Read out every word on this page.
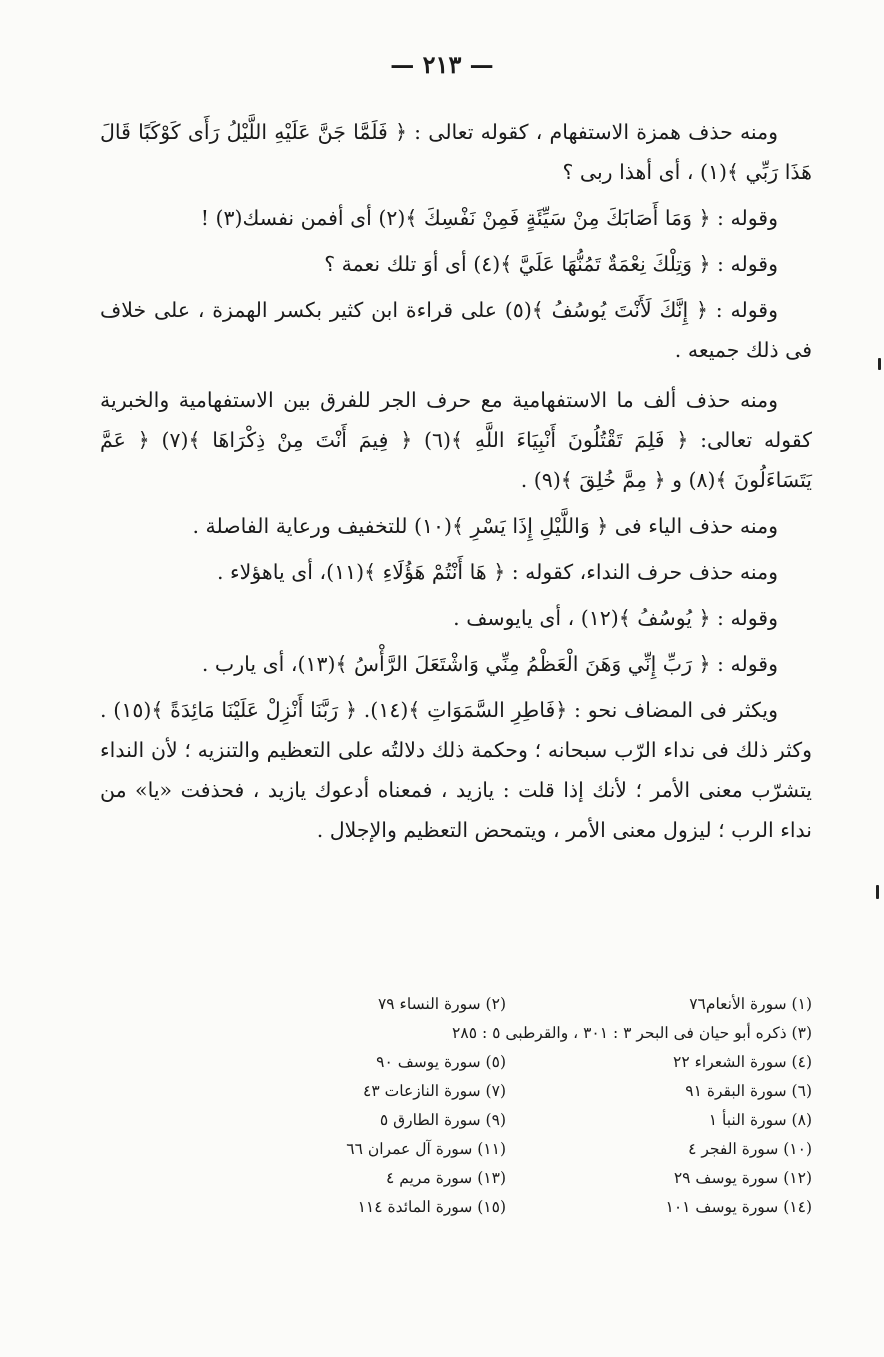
— ٢١٣ —

ومنه حذف همزة الاستفهام ، كقوله تعالى : ﴿ فَلَمَّا جَنَّ عَلَيْهِ اللَّيْلُ رَأَى كَوْكَبًا قَالَ هَذَا رَبِّي ﴾(١) ، أى أهذا ربى ؟

وقوله : ﴿ وَمَا أَصَابَكَ مِنْ سَيِّئَةٍ فَمِنْ نَفْسِكَ ﴾(٢) أى أفمن نفسك(٣) !

وقوله : ﴿ وَتِلْكَ نِعْمَةٌ تَمُنُّهَا عَلَيَّ ﴾(٤) أى أوَ تلك نعمة ؟

وقوله : ﴿ إِنَّكَ لَأَنْتَ يُوسُفُ ﴾(٥) على قراءة ابن كثير بكسر الهمزة ، على خلاف فى ذلك جميعه .

ومنه حذف ألف ما الاستفهامية مع حرف الجر للفرق بين الاستفهامية والخبرية كقوله تعالى: ﴿ فَلِمَ تَقْتُلُونَ أَنْبِيَاءَ اللَّهِ ﴾(٦) ﴿ فِيمَ أَنْتَ مِنْ ذِكْرَاهَا ﴾(٧) ﴿ عَمَّ يَتَسَاءَلُونَ ﴾(٨) و ﴿ مِمَّ خُلِقَ ﴾(٩) .

ومنه حذف الياء فى ﴿ وَاللَّيْلِ إِذَا يَسْرِ ﴾(١٠) للتخفيف ورعاية الفاصلة .

ومنه حذف حرف النداء، كقوله : ﴿ هَا أَنْتُمْ هَؤُلَاءِ ﴾(١١)، أى ياهؤلاء .

وقوله : ﴿ يُوسُفُ ﴾(١٢) ، أى يايوسف .

وقوله : ﴿ رَبِّ إِنِّي وَهَنَ الْعَظْمُ مِنِّي وَاشْتَعَلَ الرَّأْسُ ﴾(١٣)، أى يارب .

ويكثر فى المضاف نحو : ﴿فَاطِرِ السَّمَوَاتِ ﴾(١٤). ﴿ رَبَّنَا أَنْزِلْ عَلَيْنَا مَائِدَةً ﴾(١٥) . وكثر ذلك فى نداء الرّب سبحانه ؛ وحكمة ذلك دلالتُه على التعظيم والتنزيه ؛ لأن النداء يتشرّب معنى الأمر ؛ لأنك إذا قلت : يازيد ، فمعناه أدعوك يازيد ، فحذفت «يا» من نداء الرب ؛ ليزول معنى الأمر ، ويتمحض التعظيم والإجلال .

(١) سورة الأنعام٧٦
(٢) سورة النساء ٧٩
(٣) ذكره أبو حيان فى البحر ٣ : ٣٠١ ، والقرطبى ٥ : ٢٨٥
(٤) سورة الشعراء ٢٢
(٥) سورة يوسف ٩٠
(٦) سورة البقرة ٩١
(٧) سورة النازعات ٤٣
(٨) سورة النبأ ١
(٩) سورة الطارق ٥
(١٠) سورة الفجر ٤
(١١) سورة آل عمران ٦٦
(١٢) سورة يوسف ٢٩
(١٣) سورة مريم ٤
(١٤) سورة يوسف ١٠١
(١٥) سورة المائدة ١١٤
